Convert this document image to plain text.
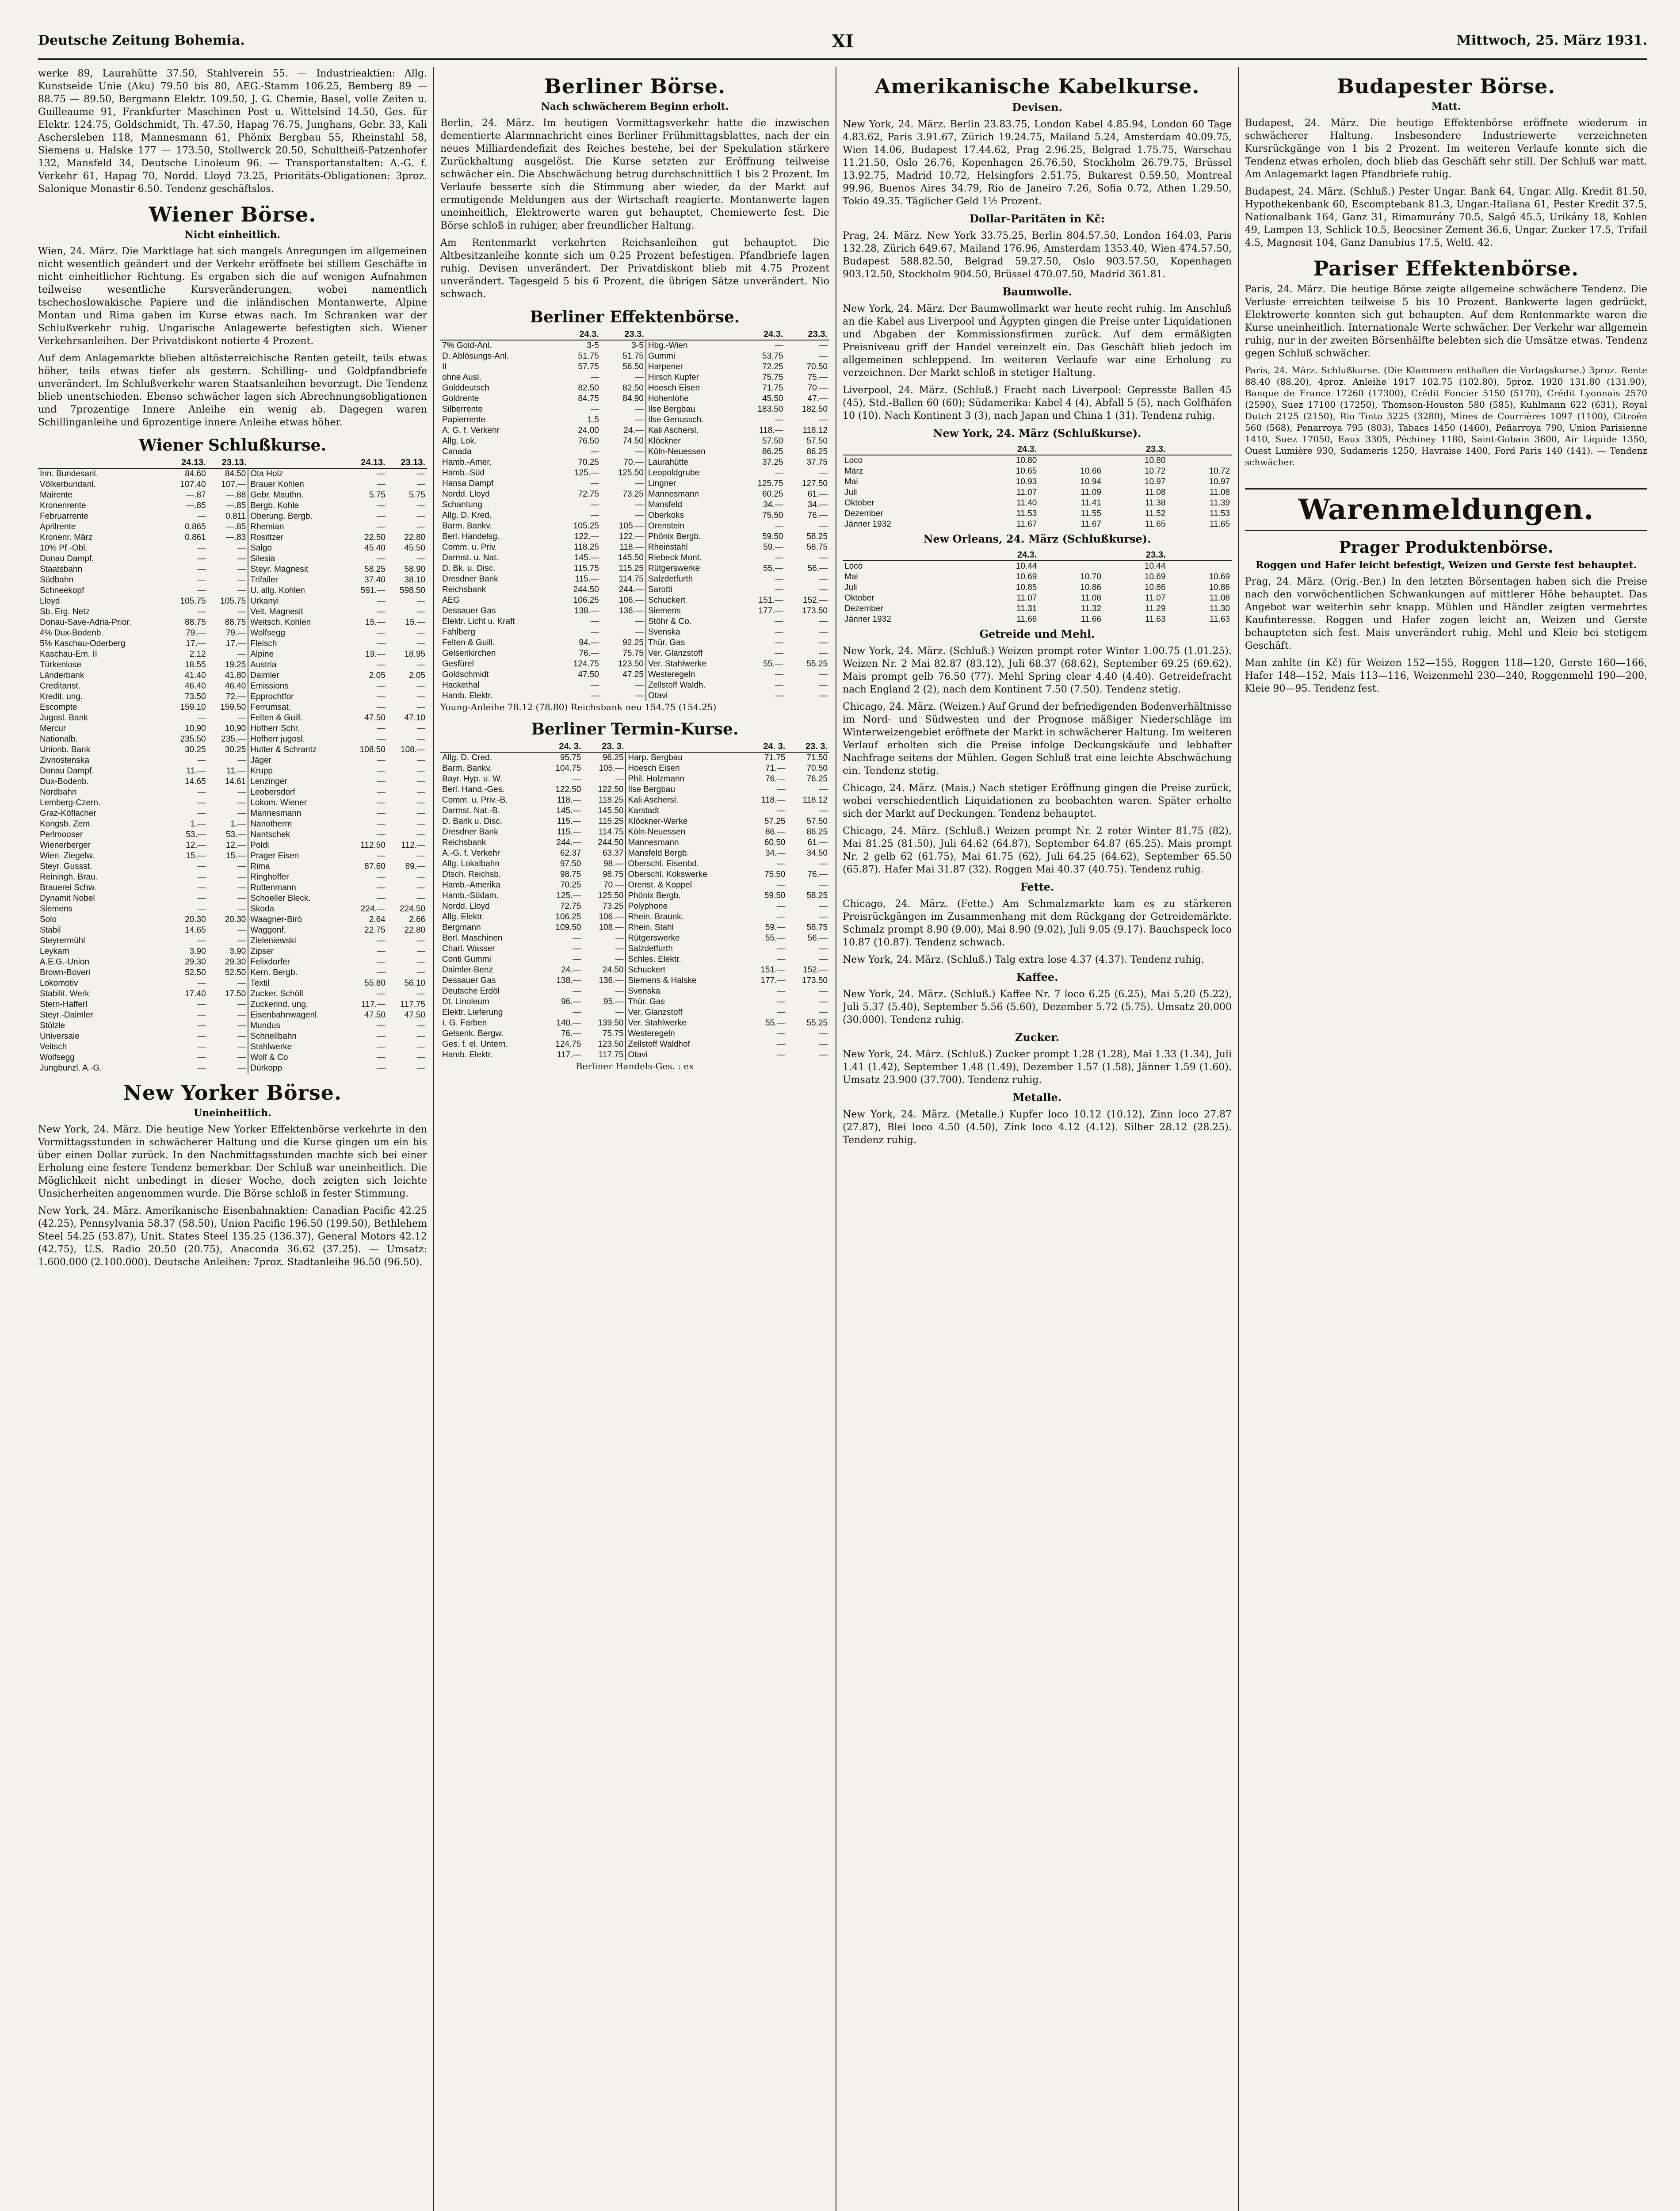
Deutsche Zeitung Bohemia.	XI	Mittwoch, 25. März 1931.

werke 89, Laurahütte 37.50, Stahlverein 55. — Industrieaktien: Allg. Kunstseide Unie (Aku) 79.50 bis 80, AEG.-Stamm 106.25, Bemberg 89 — 88.75 — 89.50, Bergmann Elektr. 109.50, J. G. Chemie, Basel, volle Zeiten u. Guilleaume 91, Frankfurter Maschinen Post u. Wittelsind 14.50, Ges. für Elektr. 124.75, Goldschmidt, Th. 47.50, Hapag 76.75, Junghans, Gebr. 33, Kali Aschersleben 118, Mannesmann 61, Phönix Bergbau 55, Rheinstahl 58, Siemens u. Halske 177 — 173.50, Stollwerck 20.50, Schultheiß-Patzenhofer 132, Mansfeld 34, Deutsche Linoleum 96. — Transportanstalten: A.-G. f. Verkehr 61, Hapag 70, Nordd. Lloyd 73.25, Prioritäts-Obligationen: 3proz. Salonique Monastir 6.50. Tendenz geschäftslos.

Wiener Börse.
Nicht einheitlich.

Wien, 24. März. Die Marktlage hat sich mangels Anregungen im allgemeinen nicht wesentlich geändert und der Verkehr eröffnete bei stillem Geschäfte in nicht einheitlicher Richtung. Es ergaben sich die auf wenigen Aufnahmen teilweise wesentliche Kursveränderungen, wobei namentlich tschechoslowakische Papiere und die inländischen Montanwerte, Alpine Montan und Rima gaben im Kurse etwas nach. Im Schranken war der Schlußverkehr ruhig. Ungarische Anlagewerte befestigten sich. Wiener Verkehrsanleihen. Der Privatdiskont notierte 4 Prozent.

Auf dem Anlagemarkte blieben altösterreichische Renten geteilt, teils etwas höher, teils etwas tiefer als gestern. Schilling- und Goldpfandbriefe unverändert. Im Schlußverkehr waren Staatsanleihen bevorzugt. Die Tendenz blieb unentschieden. Ebenso schwächer lagen sich Abrechnungsobligationen und 7prozentige Innere Anleihe ein wenig ab. Dagegen waren Schillinganleihe und 6prozentige innere Anleihe etwas höher.

Wiener Schlußkurse.
	24.13.	23.13.		24.13.	23.13.
Inn. Bundesanl.	84.60	84.50	Ota Holz	—	—
Völkerbundanl.	107.40	107.—	Brauer Kohlen	—	—
Mairente	—.87	—.88	Gebr. Mauthn.	5.75	5.75
Kronenrente	—.85	—.85	Bergb. Kohle	—	—
Februarrente	—	0.811	Oberung. Bergb.	—	—
Aprilrente	0.865	—.85	Rhemian	—	—
Kronenr. März	0.861	—.83	Rosittzer	22.50	22.80
10% Pf.-Obl.	—	—	Salgo	45.40	45.50
Donau Dampf.	—	—	Silesia	—	—
Staatsbahn	—	—	Steyr. Magnesit	58.25	58.90
Südbahn	—	—	Trifailer	37.40	38.10
Schneekopf	—	—	U. allg. Kohlen	591.—	598.50
Lloyd	105.75	105.75	Urkanyi	—	—
Sb. Erg. Netz	—	—	Veit. Magnesit	—	—
Donau-Save-Adria-Prior.	88.75	88.75	Weitsch. Kohlen	15.—	15.—
4% Dux-Bodenb.	79.—	79.—	Wolfsegg	—	—
5% Kaschau-Oderberg	17.—	17.—	Fleisch	—	—
Kaschau-Em. II	2.12	—	Alpine	19.—	18.95
Türkenlose	18.55	19.25	Austria	—	—
Länderbank	41.40	41.80	Daimler	2.05	2.05
Creditanst.	46.40	46.40	Emissions	—	—
Kredit. ung.	73.50	72.—	Epprochtfor	—	—
Escompte	159.10	159.50	Ferrumsat.	—	—
Jugosl. Bank	—	—	Felten & Guill.	47.50	47.10
Mercur	10.90	10.90	Hofherr Schr.	—	—
Nationalb.	235.50	235.—	Hofherr jugosl.	—	—
Unionb. Bank	30.25	30.25	Hutter & Schrantz	108.50	108.—
Zivnostenska	—	—	Jäger	—	—
Donau Dampf.	11.—	11.—	Krupp	—	—
Dux-Bodenb.	14.65	14.61	Lenzinger	—	—
Nordbahn	—	—	Leobersdorf	—	—
Lemberg-Czern.	—	—	Lokom. Wiener	—	—
Graz-Köflacher	—	—	Mannesmann	—	—
Kongsb. Zem.	1.—	1.—	Nanotherm	—	—
Perlmooser	53.—	53.—	Nantschek	—	—
Wienerberger	12.—	12.—	Poldi	112.50	112.—
Wien. Ziegelw.	15.—	15.—	Prager Eisen	—	—
Steyr. Gussst.	—	—	Rima	87.60	89.—
Reiningh. Brau.	—	—	Ringhoffer	—	—
Brauerei Schw.	—	—	Rottenmann	—	—
Dynamit Nobel	—	—	Schoeller Bleck.	—	—
Siemens	—	—	Skoda	224.—	224.50
Solo	20.30	20.30	Waagner-Biró	2.64	2.66
Stabil	14.65	—	Waggonf.	22.75	22.80
Steyrermühl	—	—	Zieleniewski	—	—
Leykam	3.90	3.90	Zipser	—	—
A.E.G.-Union	29.30	29.30	Felixdorfer	—	—
Brown-Boveri	52.50	52.50	Kern. Bergb.	—	—
Lokomotiv	—	—	Textil	55.80	56.10
Stabilit. Werk	17.40	17.50	Zucker. Schöll	—	—
Stern-Hafferl	—	—	Zuckerind. ung.	117.—	117.75
Steyr.-Daimler	—	—	Eisenbahnwagenl.	47.50	47.50
Stölzle	—	—	Mundus	—	—
Universale	—	—	Schnellbahn	—	—
Veitsch	—	—	Stahlwerke	—	—
Wolfsegg	—	—	Wolf & Co	—	—
Jungbunzl. A.-G.	—	—	Dürkopp	—	—
New Yorker Börse.
Uneinheitlich.

New York, 24. März. Die heutige New Yorker Effektenbörse verkehrte in den Vormittagsstunden in schwächerer Haltung und die Kurse gingen um ein bis über einen Dollar zurück. In den Nachmittagsstunden machte sich bei einer Erholung eine festere Tendenz bemerkbar. Der Schluß war uneinheitlich. Die Möglichkeit nicht unbedingt in dieser Woche, doch zeigten sich leichte Unsicherheiten angenommen wurde. Die Börse schloß in fester Stimmung.

New York, 24. März. Amerikanische Eisenbahnaktien: Canadian Pacific 42.25 (42.25), Pennsylvania 58.37 (58.50), Union Pacific 196.50 (199.50), Bethlehem Steel 54.25 (53.87), Unit. States Steel 135.25 (136.37), General Motors 42.12 (42.75), U.S. Radio 20.50 (20.75), Anaconda 36.62 (37.25). — Umsatz: 1.600.000 (2.100.000). Deutsche Anleihen: 7proz. Stadtanleihe 96.50 (96.50).

Berliner Börse.
Nach schwächerem Beginn erholt.

Berlin, 24. März. Im heutigen Vormittagsverkehr hatte die inzwischen dementierte Alarmnachricht eines Berliner Frühmittagsblattes, nach der ein neues Milliardendefizit des Reiches bestehe, bei der Spekulation stärkere Zurückhaltung ausgelöst. Die Kurse setzten zur Eröffnung teilweise schwächer ein. Die Abschwächung betrug durchschnittlich 1 bis 2 Prozent. Im Verlaufe besserte sich die Stimmung aber wieder, da der Markt auf ermutigende Meldungen aus der Wirtschaft reagierte. Montanwerte lagen uneinheitlich, Elektrowerte waren gut behauptet, Chemiewerte fest. Die Börse schloß in ruhiger, aber freundlicher Haltung.

Am Rentenmarkt verkehrten Reichsanleihen gut behauptet. Die Altbesitzanleihe konnte sich um 0.25 Prozent befestigen. Pfandbriefe lagen ruhig. Devisen unverändert. Der Privatdiskont blieb mit 4.75 Prozent unverändert. Tagesgeld 5 bis 6 Prozent, die übrigen Sätze unverändert. Nio schwach.

Berliner Effektenbörse.
	24.3.	23.3.		24.3.	23.3.
7% Gold-Anl.	3-5	3-5	Hbg.-Wien	—	—
D. Ablösungs-Anl.	51.75	51.75	Gummi	53.75	—
II	57.75	56.50	Harpener	72.25	70.50
ohne Ausl.	—	—	Hirsch Kupfer	75.75	75.—
Golddeutsch	82.50	82.50	Hoesch Eisen	71.75	70.—
Goldrente	84.75	84.90	Hohenlohe	45.50	47.—
Silberrente	—	—	Ilse Bergbau	183.50	182.50
Papierrente	1.5	—	Ilse Genussch.	—	—
A. G. f. Verkehr	24.00	24.—	Kali Aschersl.	118.—	118.12
Allg. Lok.	76.50	74.50	Klöckner	57.50	57.50
Canada	—	—	Köln-Neuessen	86.25	86.25
Hamb.-Amer.	70.25	70.—	Laurahütte	37.25	37.75
Hamb.-Süd	125.—	125.50	Leopoldgrube	—	—
Hansa Dampf	—	—	Lingner	125.75	127.50
Nordd. Lloyd	72.75	73.25	Mannesmann	60.25	61.—
Schantung	—	—	Mansfeld	34.—	34.—
Allg. D. Kred.	—	—	Oberkoks	75.50	76.—
Barm. Bankv.	105.25	105.—	Orenstein	—	—
Berl. Handelsg.	122.—	122.—	Phönix Bergb.	59.50	58.25
Comm. u. Priv.	118.25	118.—	Rheinstahl	59.—	58.75
Darmst. u. Nat.	145.—	145.50	Riebeck Mont.	—	—
D. Bk. u. Disc.	115.75	115.25	Rütgerswerke	55.—	56.—
Dresdner Bank	115.—	114.75	Salzdetfurth	—	—
Reichsbank	244.50	244.—	Sarotti	—	—
AEG	106.25	106.—	Schuckert	151.—	152.—
Dessauer Gas	138.—	136.—	Siemens	177.—	173.50
Elektr. Licht u. Kraft	—	—	Stöhr & Co.	—	—
Fahlberg	—	—	Svenska	—	—
Felten & Guill.	94.—	92.25	Thür. Gas	—	—
Gelsenkirchen	76.—	75.75	Ver. Glanzstoff	—	—
Gesfürel	124.75	123.50	Ver. Stahlwerke	55.—	55.25
Goldschmidt	47.50	47.25	Westeregeln	—	—
Hackethal	—	—	Zellstoff Waldh.	—	—
Hamb. Elektr.	—	—	Otavi	—	—

Young-Anleihe 78.12 (78.80) Reichsbank neu 154.75 (154.25)

Berliner Termin-Kurse.
	24. 3.	23. 3.		24. 3.	23. 3.
Allg. D. Cred.	95.75	96.25	Harp. Bergbau	71.75	71.50
Barm. Bankv.	104.75	105.—	Hoesch Eisen	71.—	70.50
Bayr. Hyp. u. W.	—	—	Phil. Holzmann	76.—	76.25
Berl. Hand.-Ges.	122.50	122.50	Ilse Bergbau	—	—
Comm. u. Priv.-B.	118.—	118.25	Kali Aschersl.	118.—	118.12
Darmst. Nat.-B.	145.—	145.50	Karstadt	—	—
D. Bank u. Disc.	115.—	115.25	Klöckner-Werke	57.25	57.50
Dresdner Bank	115.—	114.75	Köln-Neuessen	86.—	86.25
Reichsbank	244.—	244.50	Mannesmann	60.50	61.—
A.-G. f. Verkehr	62.37	63.37	Mansfeld Bergb.	34.—	34.50
Allg. Lokalbahn	97.50	98.—	Oberschl. Eisenbd.	—	—
Dtsch. Reichsb.	98.75	98.75	Oberschl. Kokswerke	75.50	76.—
Hamb.-Amerika	70.25	70.—	Orenst. & Koppel	—	—
Hamb.-Südam.	125.—	125.50	Phönix Bergb.	59.50	58.25
Nordd. Lloyd	72.75	73.25	Polyphone	—	—
Allg. Elektr.	106.25	106.—	Rhein. Braunk.	—	—
Bergmann	109.50	108.—	Rhein. Stahl	59.—	58.75
Berl. Maschinen	—	—	Rütgerswerke	55.—	56.—
Charl. Wasser	—	—	Salzdetfurth	—	—
Conti Gummi	—	—	Schles. Elektr.	—	—
Daimler-Benz	24.—	24.50	Schuckert	151.—	152.—
Dessauer Gas	138.—	136.—	Siemens & Halske	177.—	173.50
Deutsche Erdöl	—	—	Svenska	—	—
Dt. Linoleum	96.—	95.—	Thür. Gas	—	—
Elektr. Lieferung	—	—	Ver. Glanzstoff	—	—
I. G. Farben	140.—	139.50	Ver. Stahlwerke	55.—	55.25
Gelsenk. Bergw.	76.—	75.75	Westeregeln	—	—
Ges. f. el. Untern.	124.75	123.50	Zellstoff Waldhof	—	—
Hamb. Elektr.	117.—	117.75	Otavi	—	—

Berliner Handels-Ges. : ex

Amerikanische Kabelkurse.
Devisen.

New York, 24. März. Berlin 23.83.75, London Kabel 4.85.94, London 60 Tage 4.83.62, Paris 3.91.67, Zürich 19.24.75, Mailand 5.24, Amsterdam 40.09.75, Wien 14.06, Budapest 17.44.62, Prag 2.96.25, Belgrad 1.75.75, Warschau 11.21.50, Oslo 26.76, Kopenhagen 26.76.50, Stockholm 26.79.75, Brüssel 13.92.75, Madrid 10.72, Helsingfors 2.51.75, Bukarest 0.59.50, Montreal 99.96, Buenos Aires 34.79, Rio de Janeiro 7.26, Sofia 0.72, Athen 1.29.50, Tokio 49.35. Täglicher Geld 1½ Prozent.

Dollar-Paritäten in Kč:

Prag, 24. März. New York 33.75.25, Berlin 804.57.50, London 164.03, Paris 132.28, Zürich 649.67, Mailand 176.96, Amsterdam 1353.40, Wien 474.57.50, Budapest 588.82.50, Belgrad 59.27.50, Oslo 903.57.50, Kopenhagen 903.12.50, Stockholm 904.50, Brüssel 470.07.50, Madrid 361.81.

Baumwolle.

New York, 24. März. Der Baumwollmarkt war heute recht ruhig. Im Anschluß an die Kabel aus Liverpool und Ägypten gingen die Preise unter Liquidationen und Abgaben der Kommissionsfirmen zurück. Auf dem ermäßigten Preisniveau griff der Handel vereinzelt ein. Das Geschäft blieb jedoch im allgemeinen schleppend. Im weiteren Verlaufe war eine Erholung zu verzeichnen. Der Markt schloß in stetiger Haltung.

Liverpool, 24. März. (Schluß.) Fracht nach Liverpool: Gepresste Ballen 45 (45), Std.-Ballen 60 (60); Südamerika: Kabel 4 (4), Abfall 5 (5), nach Golfhäfen 10 (10). Nach Kontinent 3 (3), nach Japan und China 1 (31). Tendenz ruhig.

New York, 24. März (Schlußkurse).
	24.3.		23.3.	
Loco	10.80		10.80	
März	10.65	10.66	10.72	10.72
Mai	10.93	10.94	10.97	10.97
Juli	11.07	11.09	11.08	11.08
Oktober	11.40	11.41	11.38	11.39
Dezember	11.53	11.55	11.52	11.53
Jänner 1932	11.67	11.67	11.65	11.65
New Orleans, 24. März (Schlußkurse).
	24.3.		23.3.	
Loco	10.44		10.44	
Mai	10.69	10.70	10.69	10.69
Juli	10.85	10.86	10.86	10.86
Oktober	11.07	11.08	11.07	11.08
Dezember	11.31	11.32	11.29	11.30
Jänner 1932	11.66	11.66	11.63	11.63
Getreide und Mehl.

New York, 24. März. (Schluß.) Weizen prompt roter Winter 1.00.75 (1.01.25). Weizen Nr. 2 Mai 82.87 (83.12), Juli 68.37 (68.62), September 69.25 (69.62). Mais prompt gelb 76.50 (77). Mehl Spring clear 4.40 (4.40). Getreidefracht nach England 2 (2), nach dem Kontinent 7.50 (7.50). Tendenz stetig.

Chicago, 24. März. (Weizen.) Auf Grund der befriedigenden Bodenverhältnisse im Nord- und Südwesten und der Prognose mäßiger Niederschläge im Winterweizengebiet eröffnete der Markt in schwächerer Haltung. Im weiteren Verlauf erholten sich die Preise infolge Deckungskäufe und lebhafter Nachfrage seitens der Mühlen. Gegen Schluß trat eine leichte Abschwächung ein. Tendenz stetig.

Chicago, 24. März. (Mais.) Nach stetiger Eröffnung gingen die Preise zurück, wobei verschiedentlich Liquidationen zu beobachten waren. Später erholte sich der Markt auf Deckungen. Tendenz behauptet.

Chicago, 24. März. (Schluß.) Weizen prompt Nr. 2 roter Winter 81.75 (82), Mai 81.25 (81.50), Juli 64.62 (64.87), September 64.87 (65.25). Mais prompt Nr. 2 gelb 62 (61.75), Mai 61.75 (62), Juli 64.25 (64.62), September 65.50 (65.87). Hafer Mai 31.87 (32). Roggen Mai 40.37 (40.75). Tendenz ruhig.

Fette.

Chicago, 24. März. (Fette.) Am Schmalzmarkte kam es zu stärkeren Preisrückgängen im Zusammenhang mit dem Rückgang der Getreidemärkte. Schmalz prompt 8.90 (9.00), Mai 8.90 (9.02), Juli 9.05 (9.17). Bauchspeck loco 10.87 (10.87). Tendenz schwach.

New York, 24. März. (Schluß.) Talg extra lose 4.37 (4.37). Tendenz ruhig.

Kaffee.

New York, 24. März. (Schluß.) Kaffee Nr. 7 loco 6.25 (6.25), Mai 5.20 (5.22), Juli 5.37 (5.40), September 5.56 (5.60), Dezember 5.72 (5.75). Umsatz 20.000 (30.000). Tendenz ruhig.

Zucker.

New York, 24. März. (Schluß.) Zucker prompt 1.28 (1.28), Mai 1.33 (1.34), Juli 1.41 (1.42), September 1.48 (1.49), Dezember 1.57 (1.58), Jänner 1.59 (1.60). Umsatz 23.900 (37.700). Tendenz ruhig.

Metalle.

New York, 24. März. (Metalle.) Kupfer loco 10.12 (10.12), Zinn loco 27.87 (27.87), Blei loco 4.50 (4.50), Zink loco 4.12 (4.12). Silber 28.12 (28.25). Tendenz ruhig.

Budapester Börse.
Matt.

Budapest, 24. März. Die heutige Effektenbörse eröffnete wiederum in schwächerer Haltung. Insbesondere Industriewerte verzeichneten Kursrückgänge von 1 bis 2 Prozent. Im weiteren Verlaufe konnte sich die Tendenz etwas erholen, doch blieb das Geschäft sehr still. Der Schluß war matt. Am Anlagemarkt lagen Pfandbriefe ruhig.

Budapest, 24. März. (Schluß.) Pester Ungar. Bank 64, Ungar. Allg. Kredit 81.50, Hypothekenbank 60, Escomptebank 81.3, Ungar.-Italiana 61, Pester Kredit 37.5, Nationalbank 164, Ganz 31, Rimamurány 70.5, Salgó 45.5, Urikány 18, Kohlen 49, Lampen 13, Schlick 10.5, Beocsiner Zement 36.6, Ungar. Zucker 17.5, Trifail 4.5, Magnesit 104, Ganz Danubius 17.5, Weltl. 42.

Pariser Effektenbörse.

Paris, 24. März. Die heutige Börse zeigte allgemeine schwächere Tendenz. Die Verluste erreichten teilweise 5 bis 10 Prozent. Bankwerte lagen gedrückt, Elektrowerte konnten sich gut behaupten. Auf dem Rentenmarkte waren die Kurse uneinheitlich. Internationale Werte schwächer. Der Verkehr war allgemein ruhig, nur in der zweiten Börsenhälfte belebten sich die Umsätze etwas. Tendenz gegen Schluß schwächer.

Paris, 24. März. Schlußkurse. (Die Klammern enthalten die Vortagskurse.) 3proz. Rente 88.40 (88.20), 4proz. Anleihe 1917 102.75 (102.80), 5proz. 1920 131.80 (131.90), Banque de France 17260 (17300), Crédit Foncier 5150 (5170), Crédit Lyonnais 2570 (2590), Suez 17100 (17250), Thomson-Houston 580 (585), Kuhlmann 622 (631), Royal Dutch 2125 (2150), Rio Tinto 3225 (3280), Mines de Courrières 1097 (1100), Citroën 560 (568), Penarroya 795 (803), Tabacs 1450 (1460), Peñarroya 790, Union Parisienne 1410, Suez 17050, Eaux 3305, Péchiney 1180, Saint-Gobain 3600, Air Liquide 1350, Ouest Lumière 930, Sudameris 1250, Havraise 1400, Ford Paris 140 (141). — Tendenz schwächer.

Warenmeldungen.
Prager Produktenbörse.
Roggen und Hafer leicht befestigt, Weizen und Gerste fest behauptet.

Prag, 24. März. (Orig.-Ber.) In den letzten Börsentagen haben sich die Preise nach den vorwöchentlichen Schwankungen auf mittlerer Höhe behauptet. Das Angebot war weiterhin sehr knapp. Mühlen und Händler zeigten vermehrtes Kaufinteresse. Roggen und Hafer zogen leicht an, Weizen und Gerste behaupteten sich fest. Mais unverändert ruhig. Mehl und Kleie bei stetigem Geschäft.

Man zahlte (in Kč) für Weizen 152—155, Roggen 118—120, Gerste 160—166, Hafer 148—152, Mais 113—116, Weizenmehl 230—240, Roggenmehl 190—200, Kleie 90—95. Tendenz fest.
